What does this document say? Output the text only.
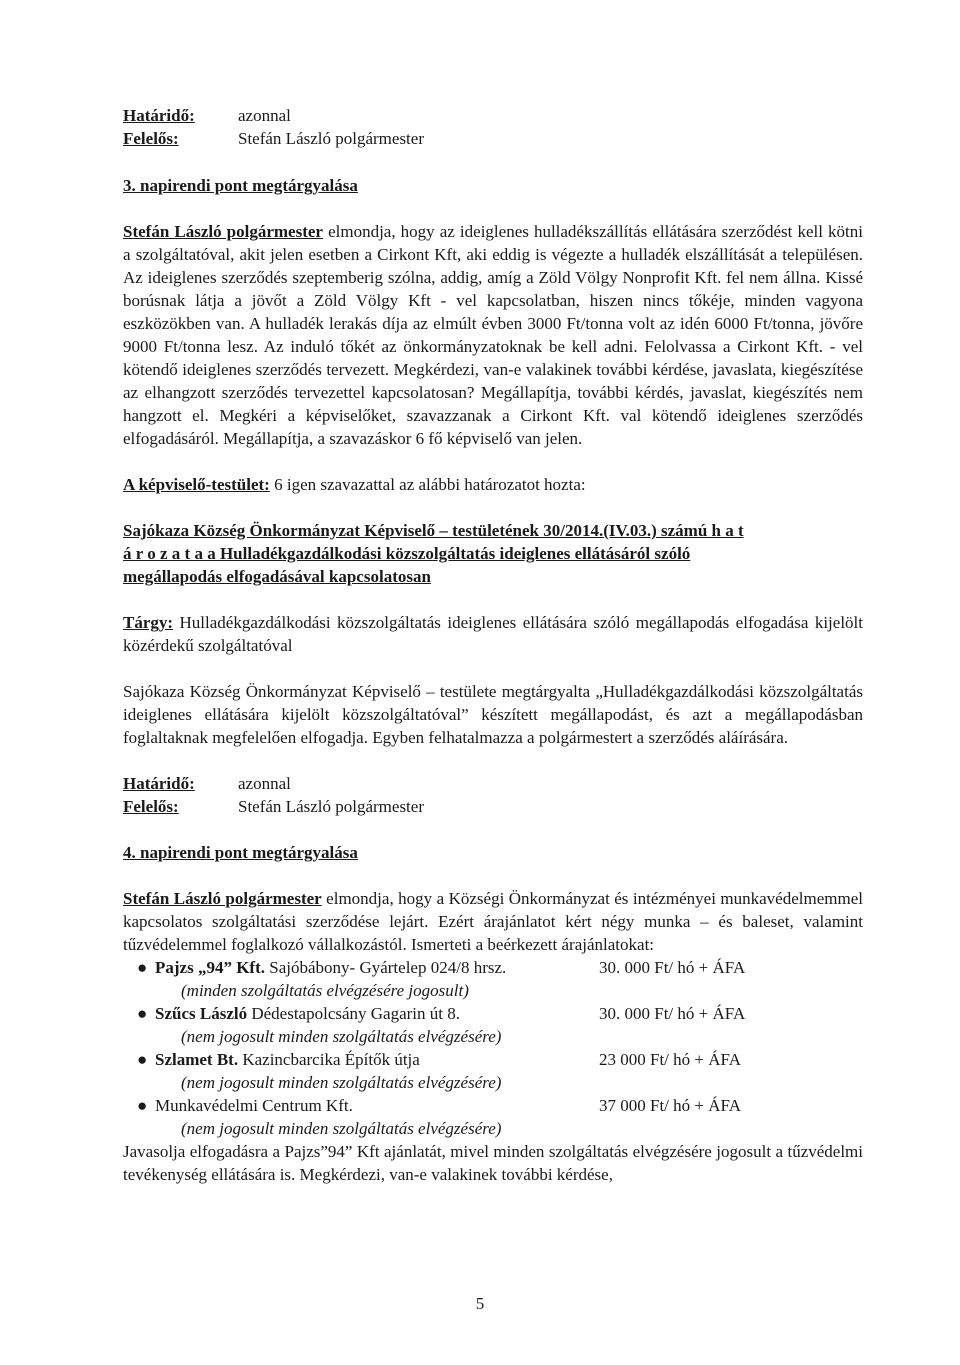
Határidő:	azonnal
Felelős:	Stefán László polgármester
3. napirendi pont megtárgyalása

Stefán László polgármester elmondja, hogy az ideiglenes hulladékszállítás ellátására szerződést kell kötni a szolgáltatóval, akit jelen esetben a Cirkont Kft, aki eddig is végezte a hulladék elszállítását a településen. Az ideiglenes szerződés szeptemberig szólna, addig, amíg a Zöld Völgy Nonprofit Kft. fel nem állna. Kissé borúsnak látja a jövőt a Zöld Völgy Kft - vel kapcsolatban, hiszen nincs tőkéje, minden vagyona eszközökben van. A hulladék lerakás díja az elmúlt évben 3000 Ft/tonna volt az idén 6000 Ft/tonna, jövőre 9000 Ft/tonna lesz. Az induló tőkét az önkormányzatoknak be kell adni. Felolvassa a Cirkont Kft. - vel kötendő ideiglenes szerződés tervezett. Megkérdezi, van-e valakinek további kérdése, javaslata, kiegészítése az elhangzott szerződés tervezettel kapcsolatosan? Megállapítja, további kérdés, javaslat, kiegészítés nem hangzott el. Megkéri a képviselőket, szavazzanak a Cirkont Kft. val kötendő ideiglenes szerződés elfogadásáról. Megállapítja, a szavazáskor 6 fő képviselő van jelen.

A képviselő-testület: 6 igen szavazattal az alábbi határozatot hozta:

Sajókaza Község Önkormányzat Képviselő – testületének 30/2014.(IV.03.) számú h a t
á r o z a t a a Hulladékgazdálkodási közszolgáltatás ideiglenes ellátásáról szóló
megállapodás elfogadásával kapcsolatosan

Tárgy: Hulladékgazdálkodási közszolgáltatás ideiglenes ellátására szóló megállapodás elfogadása kijelölt közérdekű szolgáltatóval

Sajókaza Község Önkormányzat Képviselő – testülete megtárgyalta „Hulladékgazdálkodási közszolgáltatás ideiglenes ellátására kijelölt közszolgáltatóval” készített megállapodást, és azt a megállapodásban foglaltaknak megfelelően elfogadja. Egyben felhatalmazza a polgármestert a szerződés aláírására.

Határidő:	azonnal
Felelős:	Stefán László polgármester
4. napirendi pont megtárgyalása

Stefán László polgármester elmondja, hogy a Községi Önkormányzat és intézményei munkavédelmemmel kapcsolatos szolgáltatási szerződése lejárt. Ezért árajánlatot kért négy munka – és baleset, valamint tűzvédelemmel foglalkozó vállalkozástól. Ismerteti a beérkezett árajánlatokat:

● Pajzs „94” Kft. Sajóbábony- Gyártelep 024/8 hrsz.	30. 000 Ft/ hó + ÁFA
(minden szolgáltatás elvégzésére jogosult)
● Szűcs László Dédestapolcsány Gagarin út 8.	30. 000 Ft/ hó + ÁFA
(nem jogosult minden szolgáltatás elvégzésére)
● Szlamet Bt. Kazincbarcika Építők útja	23 000 Ft/ hó + ÁFA
(nem jogosult minden szolgáltatás elvégzésére)
● Munkavédelmi Centrum Kft.	37 000 Ft/ hó + ÁFA
(nem jogosult minden szolgáltatás elvégzésére)

Javasolja elfogadásra a Pajzs”94” Kft ajánlatát, mivel minden szolgáltatás elvégzésére jogosult a tűzvédelmi tevékenység ellátására is. Megkérdezi, van-e valakinek további kérdése,

5
